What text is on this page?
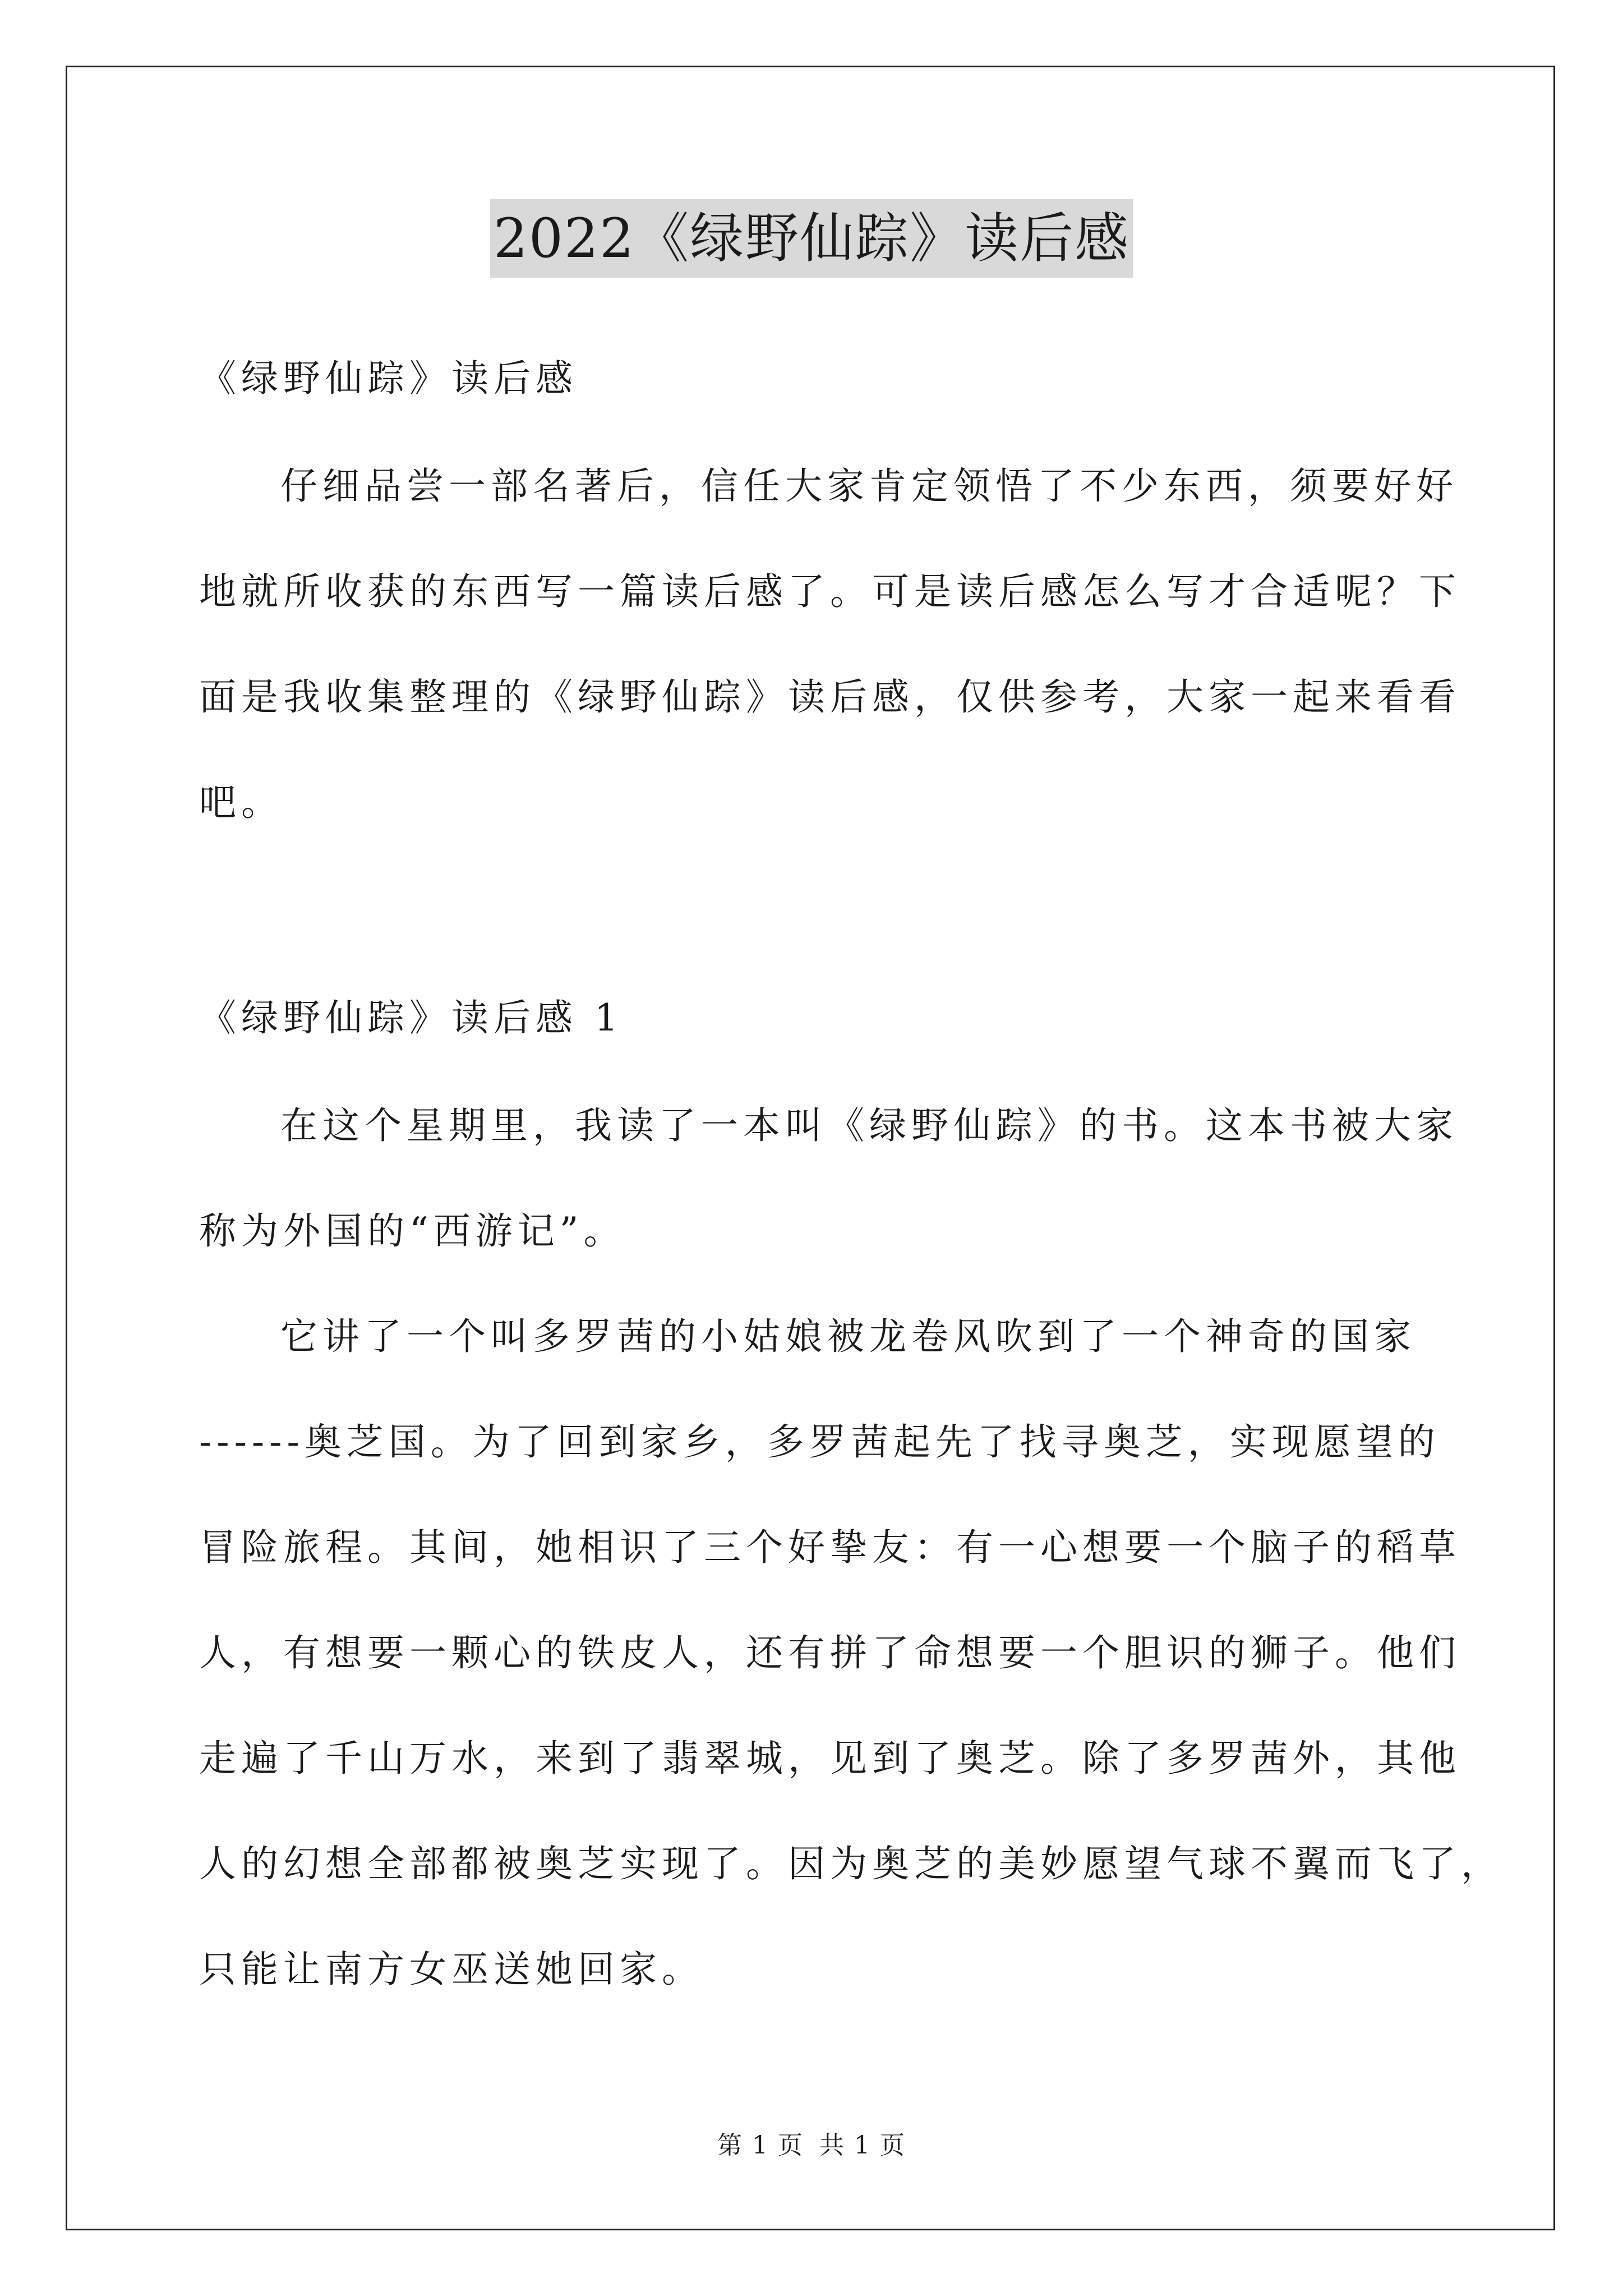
2022《绿野仙踪》读后感
《绿野仙踪》读后感
仔细品尝一部名著后，信任大家肯定领悟了不少东西，须要好好
地就所收获的东西写一篇读后感了。可是读后感怎么写才合适呢？下
面是我收集整理的《绿野仙踪》读后感，仅供参考，大家一起来看看
吧。
《绿野仙踪》读后感 1
在这个星期里，我读了一本叫《绿野仙踪》的书。这本书被大家
称为外国的“西游记”。
它讲了一个叫多罗茜的小姑娘被龙卷风吹到了一个神奇的国家
------奥芝国。为了回到家乡，多罗茜起先了找寻奥芝，实现愿望的
冒险旅程。其间，她相识了三个好挚友：有一心想要一个脑子的稻草
人，有想要一颗心的铁皮人，还有拼了命想要一个胆识的狮子。他们
走遍了千山万水，来到了翡翠城，见到了奥芝。除了多罗茜外，其他
人的幻想全部都被奥芝实现了。因为奥芝的美妙愿望气球不翼而飞了，
只能让南方女巫送她回家。
第 1 页 共 1 页
